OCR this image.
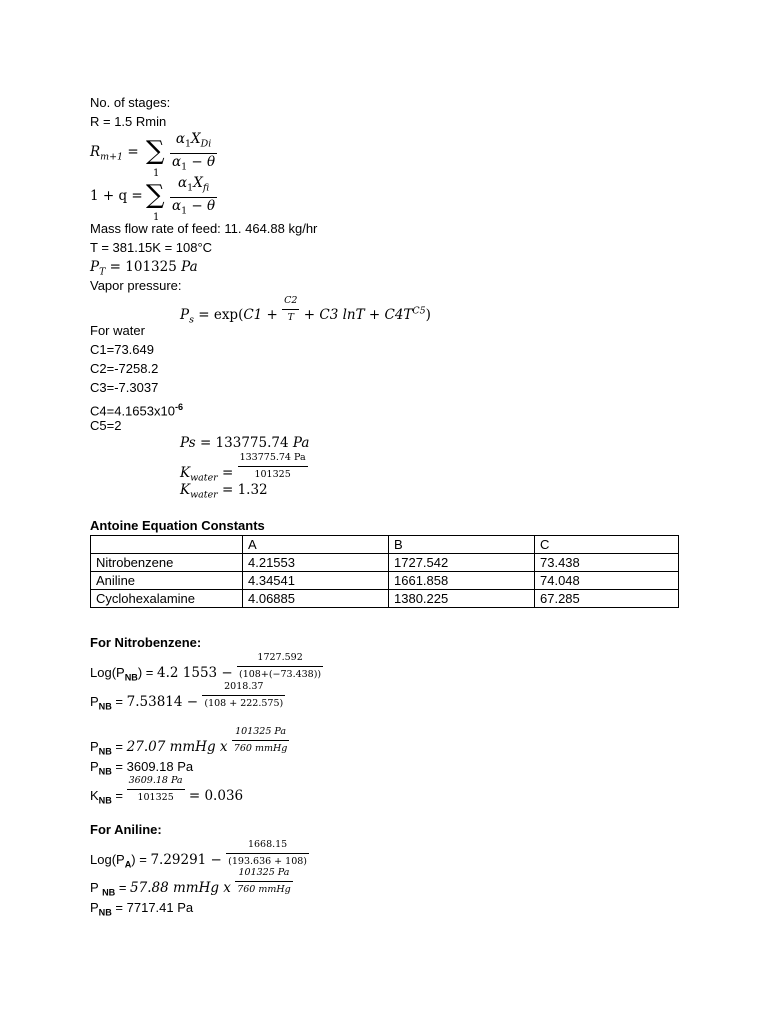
No. of stages:
R = 1.5 Rmin
$R_{m+1}$ = ∑
1
$\alpha_1X_{Di}$
$\alpha_1 - \theta$
1 + q = ∑
1
$\alpha_1X_{fi}$
$\alpha_1 - \theta$
Mass flow rate of feed: 11. 464.88 kg/hr
T = 381.15K = 108°C
$P_T = 101325$ Pa
Vapor pressure:
$P_s = \exp(C1 + \frac{C2}{T} + C3$ $\ln T + C4T^{C5}$)
For water
C1=73.649
C2=-7258.2
C3=-7.3037
$C4=4.1653x10^{-6}$
C5=2
Ps = 133775.74 Pa
$K_{water} = \frac{133775.74 Pa}{101325}$
$K_{water} = 1.32$
Antoine Equation Constants
	A	B	C
Nitrobenzene	4.21553	1727.542	73.438
Aniline	4.34541	1661.858	74.048
Cyclohexalamine	4.06885	1380.225	67.285
For Nitrobenzene:
$Log(P_{NB}) = 4.2$ $1553 - \frac{1727.592}{(108+(-73.438))}$
$P_{NB} = 7.53814 - \frac{2018.37}{(108 + 222.575)}$
$P_{NB} = 27.07$ mmHg x $\frac{101325 Pa}{\text{760 mmHg}}$
$P_{NB} = 3609.18$ Pa
$K_{NB} = \frac{3609.18 Pa}{101325} = 0.036$
For Aniline:
$Log(P_A) = 7.29291 - \frac{1668.15}{(193.636 + 108)}$
P $_{NB}$ = 57.88 mmHg x $\frac{101325 Pa}{\text{760 mmHg}}$
$P_{NB} = 7717.41$ Pa
